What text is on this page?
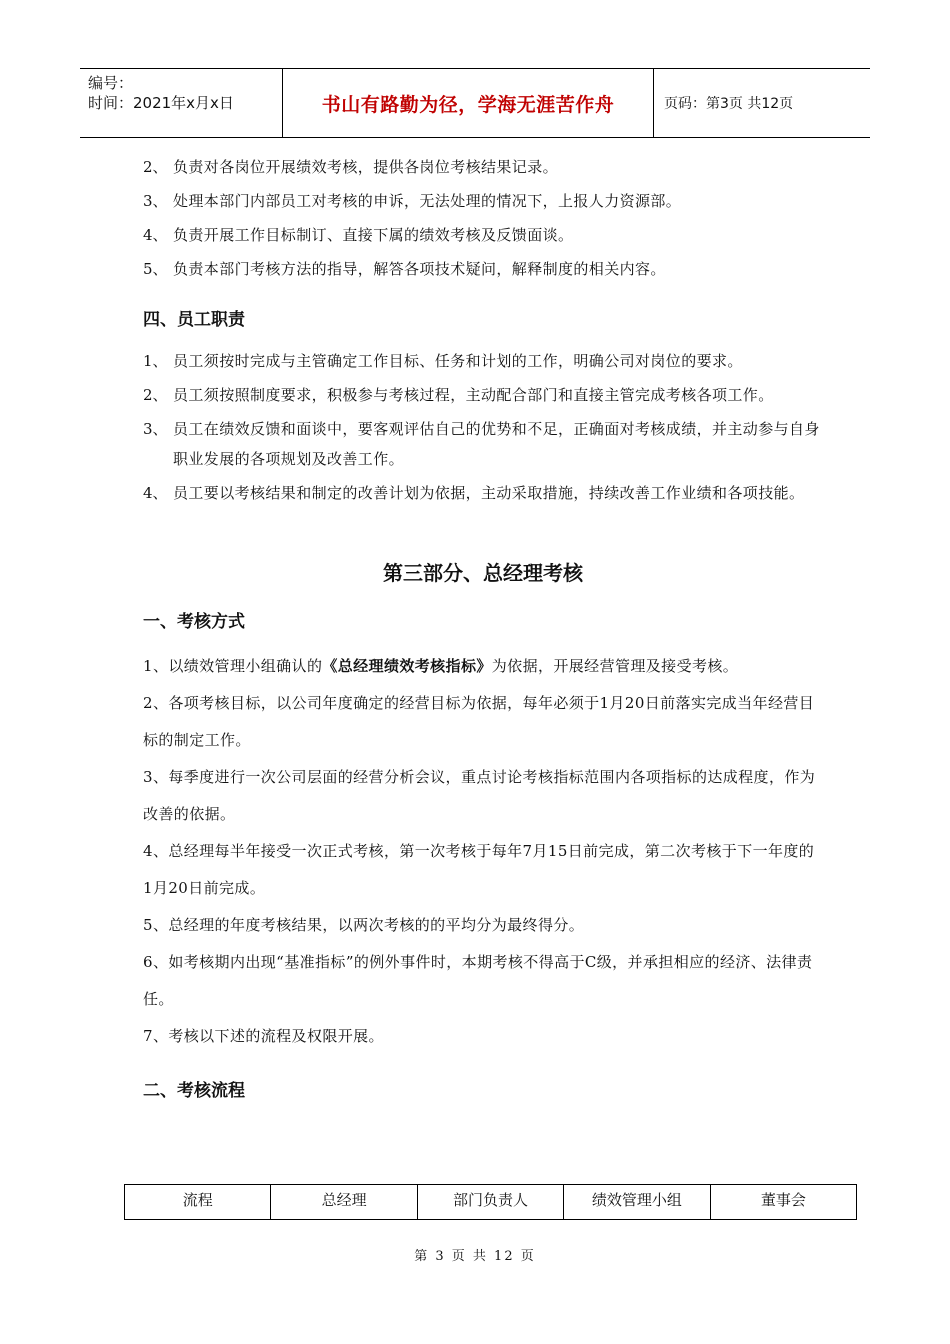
编号：
时间：2021年x月x日	书山有路勤为径，学海无涯苦作舟	页码：第3页 共12页
2、 负责对各岗位开展绩效考核，提供各岗位考核结果记录。
3、 处理本部门内部员工对考核的申诉，无法处理的情况下，上报人力资源部。
4、 负责开展工作目标制订、直接下属的绩效考核及反馈面谈。
5、 负责本部门考核方法的指导，解答各项技术疑问，解释制度的相关内容。
四、员工职责
1、 员工须按时完成与主管确定工作目标、任务和计划的工作，明确公司对岗位的要求。
2、 员工须按照制度要求，积极参与考核过程，主动配合部门和直接主管完成考核各项工作。
3、 员工在绩效反馈和面谈中，要客观评估自己的优势和不足，正确面对考核成绩，并主动参与自身职业发展的各项规划及改善工作。
4、 员工要以考核结果和制定的改善计划为依据，主动采取措施，持续改善工作业绩和各项技能。
第三部分、总经理考核
一、考核方式

1、以绩效管理小组确认的《总经理绩效考核指标》为依据，开展经营管理及接受考核。

2、各项考核目标，以公司年度确定的经营目标为依据，每年必须于1月20日前落实完成当年经营目标的制定工作。

3、每季度进行一次公司层面的经营分析会议，重点讨论考核指标范围内各项指标的达成程度，作为改善的依据。

4、总经理每半年接受一次正式考核，第一次考核于每年7月15日前完成，第二次考核于下一年度的1月20日前完成。

5、总经理的年度考核结果，以两次考核的的平均分为最终得分。

6、如考核期内出现“基准指标”的例外事件时，本期考核不得高于C级，并承担相应的经济、法律责任。

7、考核以下述的流程及权限开展。

二、考核流程
流程	总经理	部门负责人	绩效管理小组	董事会
第 3 页 共 12 页
